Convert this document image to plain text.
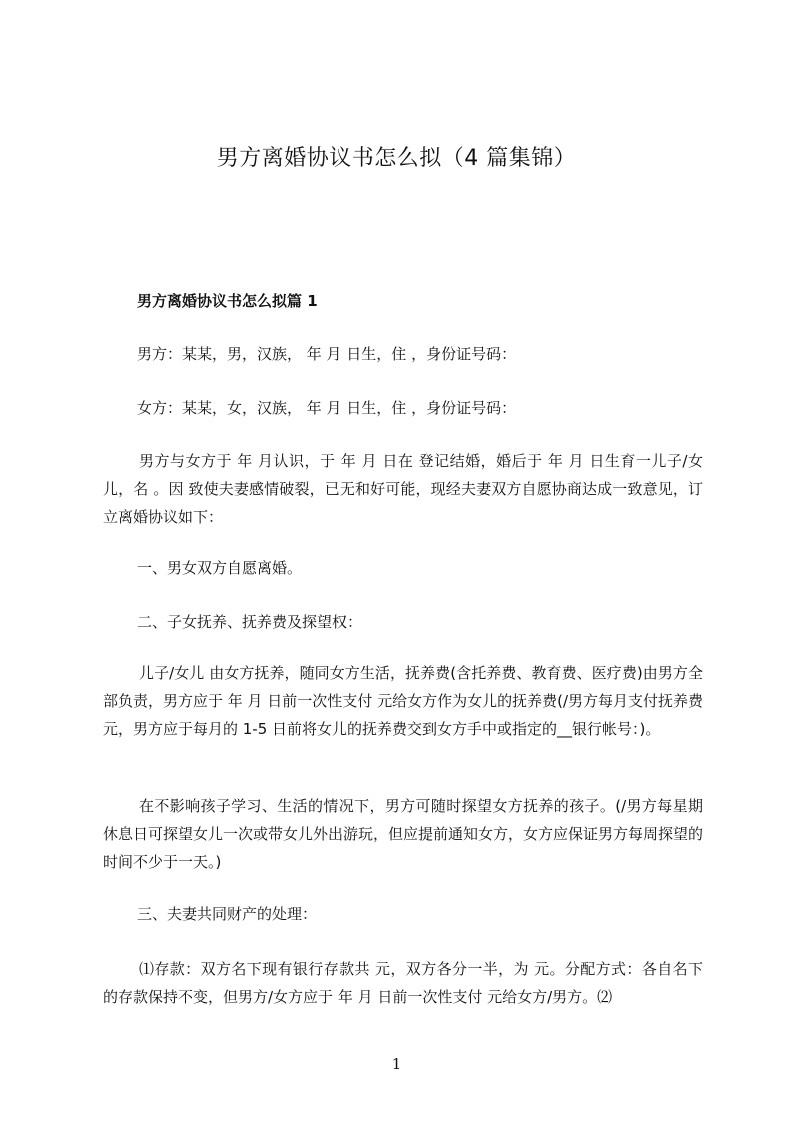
男方离婚协议书怎么拟（4 篇集锦）
男方离婚协议书怎么拟篇 1
男方：某某，男，汉族， 年 月 日生，住 ，身份证号码：
女方：某某，女，汉族， 年 月 日生，住 ，身份证号码：
男方与女方于 年 月认识，于 年 月 日在 登记结婚，婚后于 年 月 日生育一儿子/女儿，名 。因 致使夫妻感情破裂，已无和好可能，现经夫妻双方自愿协商达成一致意见，订立离婚协议如下：
一、男女双方自愿离婚。
二、子女抚养、抚养费及探望权：
儿子/女儿 由女方抚养，随同女方生活，抚养费(含托养费、教育费、医疗费)由男方全部负责，男方应于 年 月 日前一次性支付 元给女方作为女儿的抚养费(/男方每月支付抚养费 元，男方应于每月的 1-5 日前将女儿的抚养费交到女方手中或指定的__银行帐号：)。
在不影响孩子学习、生活的情况下，男方可随时探望女方抚养的孩子。(/男方每星期休息日可探望女儿一次或带女儿外出游玩，但应提前通知女方，女方应保证男方每周探望的时间不少于一天。)
三、夫妻共同财产的处理：
⑴存款：双方名下现有银行存款共 元，双方各分一半，为 元。分配方式：各自名下的存款保持不变，但男方/女方应于 年 月 日前一次性支付 元给女方/男方。⑵
1
